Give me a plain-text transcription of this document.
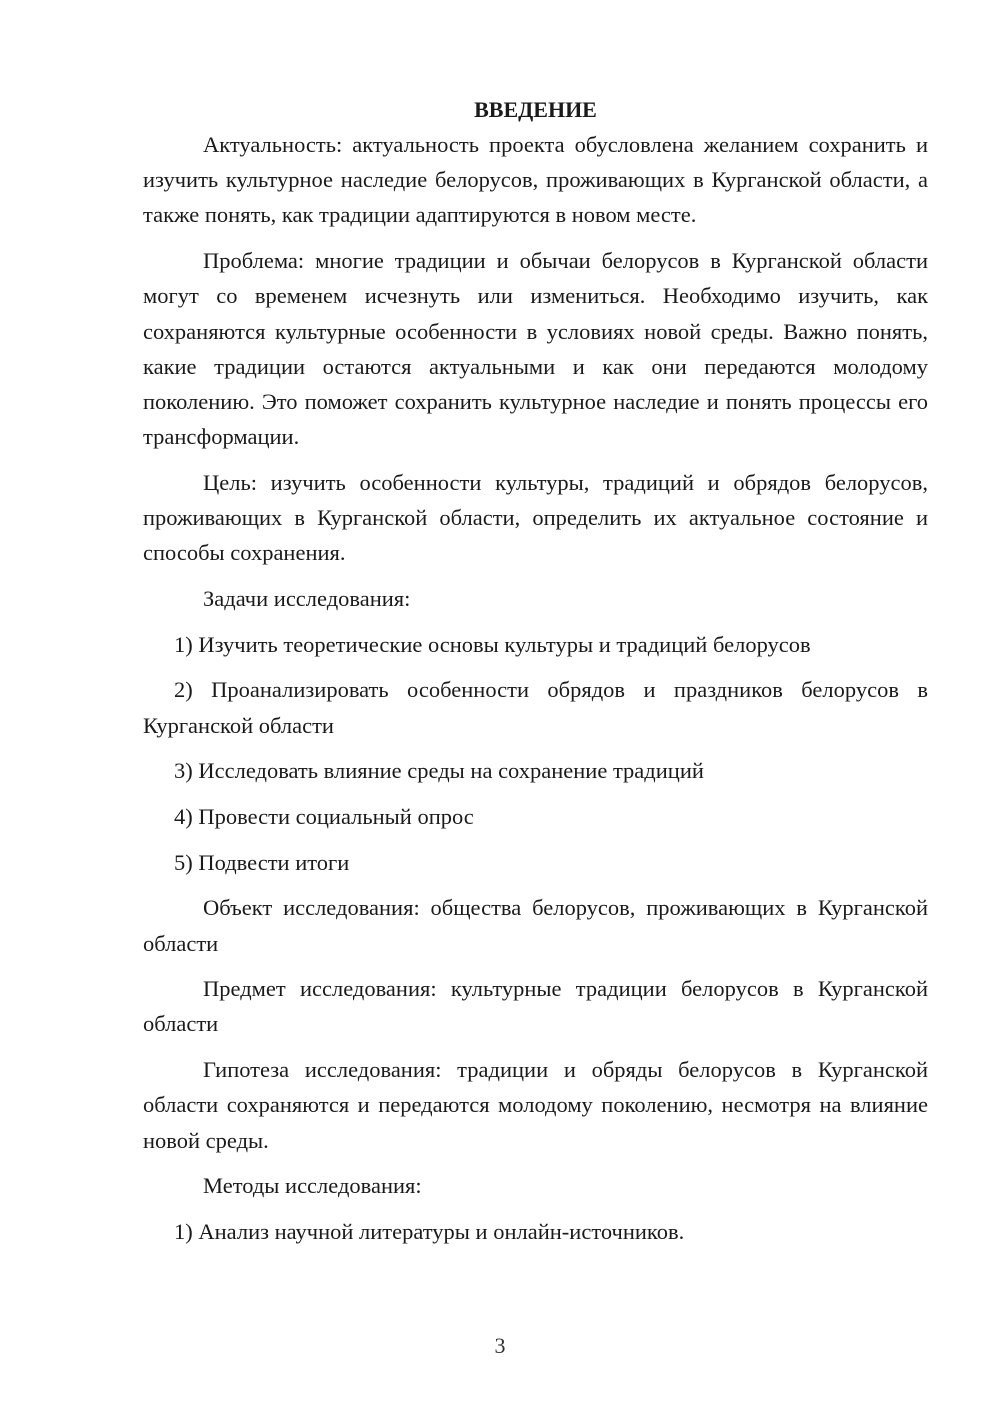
ВВЕДЕНИЕ

Актуальность: актуальность проекта обусловлена желанием сохранить и изучить культурное наследие белорусов, проживающих в Курганской области, а также понять, как традиции адаптируются в новом месте.

Проблема: многие традиции и обычаи белорусов в Курганской области могут со временем исчезнуть или измениться. Необходимо изучить, как сохраняются культурные особенности в условиях новой среды. Важно понять, какие традиции остаются актуальными и как они передаются молодому поколению. Это поможет сохранить культурное наследие и понять процессы его трансформации.

Цель: изучить особенности культуры, традиций и обрядов белорусов, проживающих в Курганской области, определить их актуальное состояние и способы сохранения.

Задачи исследования:

1) Изучить теоретические основы культуры и традиций белорусов

2) Проанализировать особенности обрядов и праздников белорусов в Курганской области

3) Исследовать влияние среды на сохранение традиций

4) Провести социальный опрос

5) Подвести итоги

Объект исследования: общества белорусов, проживающих в Курганской области

Предмет исследования: культурные традиции белорусов в Курганской области

Гипотеза исследования: традиции и обряды белорусов в Курганской области сохраняются и передаются молодому поколению, несмотря на влияние новой среды.

Методы исследования:

1) Анализ научной литературы и онлайн-источников.

3
